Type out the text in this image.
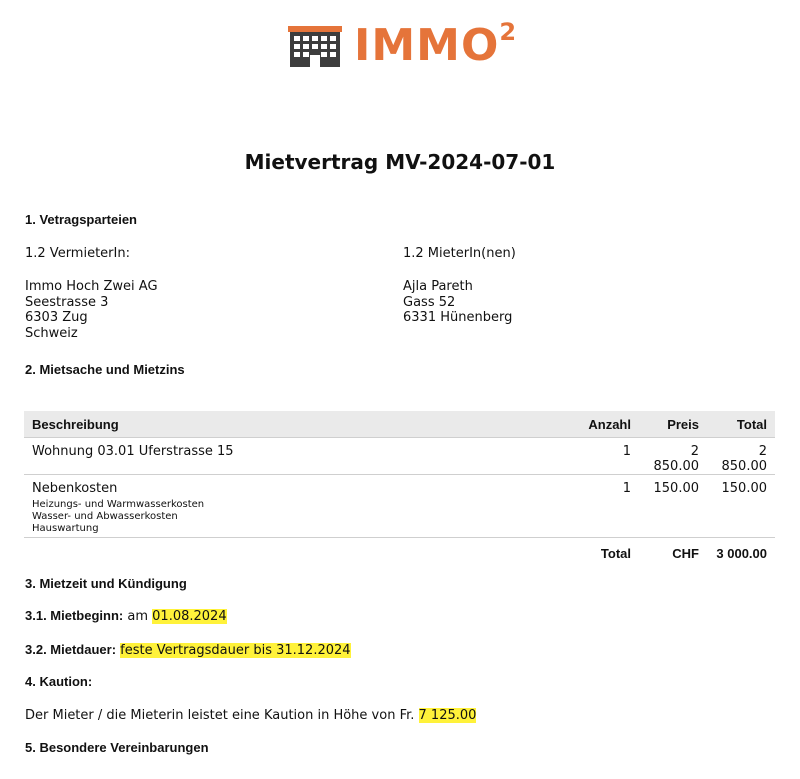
IMMO$^2$
Mietvertrag MV-2024-07-01
1. Vetragsparteien
1.2 VermieterIn:	1.2 MieterIn(nen)
Immo Hoch Zwei AG
Seestrasse 3
6303 Zug
Schweiz
Ajla Pareth
Gass 52
6331 Hünenberg
2. Mietsache und Mietzins
Beschreibung	Anzahl	Preis	Total
Wohnung 03.01 Uferstrasse 15	1	2 850.00	2 850.00

Nebenkosten
Heizungs- und Warmwasserkosten
Wasser- und Abwasserkosten
Hauswartung	1	150.00	150.00
	Total	CHF	3 000.00
3. Mietzeit und Kündigung
3.1. Mietbeginn: am 01.08.2024
3.2. Mietdauer: feste Vertragsdauer bis 31.12.2024
4. Kaution:
Der Mieter / die Mieterin leistet eine Kaution in Höhe von Fr. 7 125.00
5. Besondere Vereinbarungen
